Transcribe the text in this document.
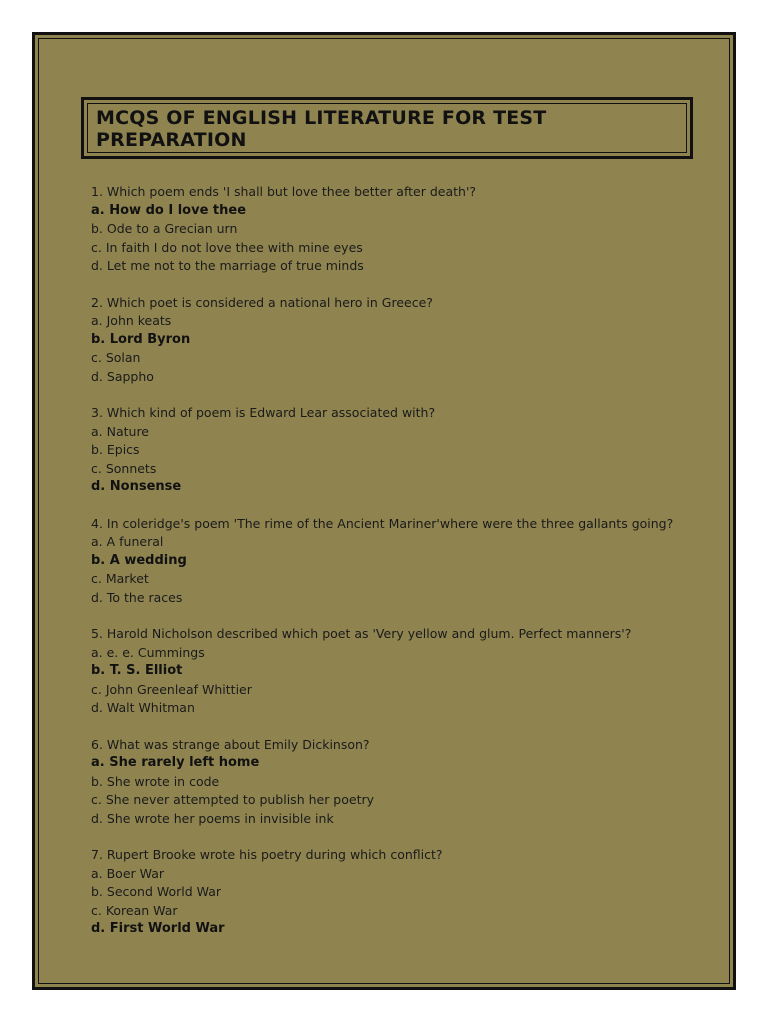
MCQS OF ENGLISH LITERATURE FOR TEST PREPARATION
1. Which poem ends 'I shall but love thee better after death'?
a. How do I love thee
b. Ode to a Grecian urn
c. In faith I do not love thee with mine eyes
d. Let me not to the marriage of true minds
2. Which poet is considered a national hero in Greece?
a. John keats
b. Lord Byron
c. Solan
d. Sappho
3. Which kind of poem is Edward Lear associated with?
a. Nature
b. Epics
c. Sonnets
d. Nonsense
4. In coleridge's poem 'The rime of the Ancient Mariner'where were the three gallants going?
a. A funeral
b. A wedding
c. Market
d. To the races
5. Harold Nicholson described which poet as 'Very yellow and glum. Perfect manners'?
a. e. e. Cummings
b. T. S. Elliot
c. John Greenleaf Whittier
d. Walt Whitman
6. What was strange about Emily Dickinson?
a. She rarely left home
b. She wrote in code
c. She never attempted to publish her poetry
d. She wrote her poems in invisible ink
7. Rupert Brooke wrote his poetry during which conflict?
a. Boer War
b. Second World War
c. Korean War
d. First World War
